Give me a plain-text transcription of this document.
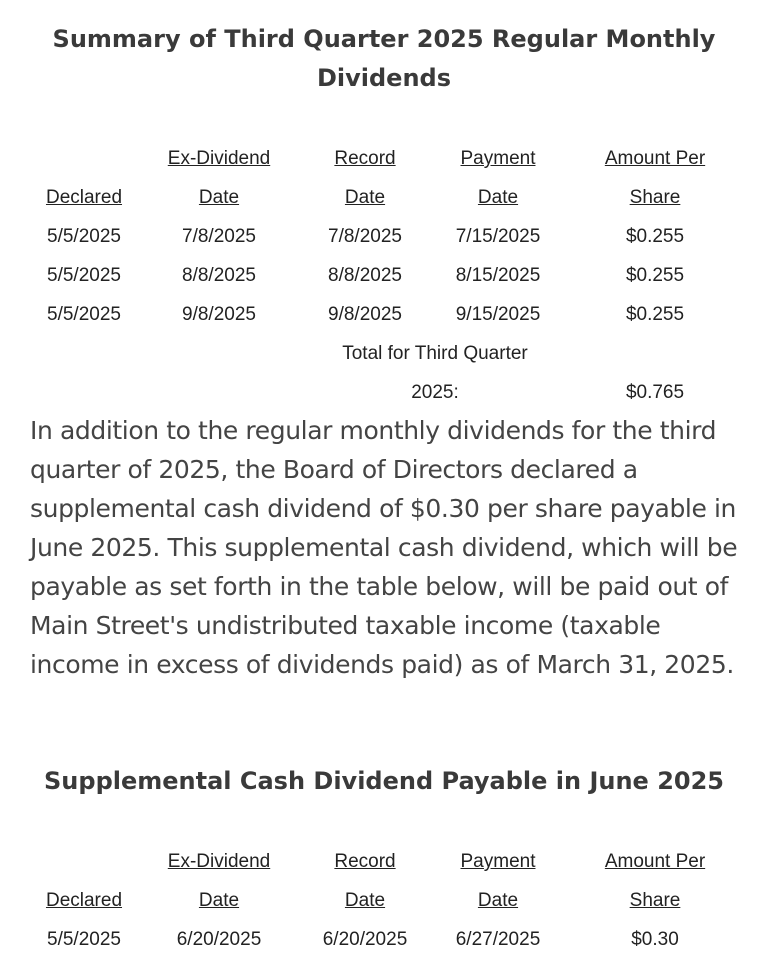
Summary of Third Quarter 2025 Regular Monthly Dividends
Ex-Dividend	Record	Payment	Amount Per
Declared	Date	Date	Date	Share
5/5/2025	7/8/2025	7/8/2025	7/15/2025	$0.255
5/5/2025	8/8/2025	8/8/2025	8/15/2025	$0.255
5/5/2025	9/8/2025	9/8/2025	9/15/2025	$0.255
Total for Third Quarter
2025:	$0.765

In addition to the regular monthly dividends for the third quarter of 2025, the Board of Directors declared a supplemental cash dividend of $0.30 per share payable in June 2025. This supplemental cash dividend, which will be payable as set forth in the table below, will be paid out of Main Street's undistributed taxable income (taxable income in excess of dividends paid) as of March 31, 2025.

Supplemental Cash Dividend Payable in June 2025
Ex-Dividend	Record	Payment	Amount Per
Declared	Date	Date	Date	Share
5/5/2025	6/20/2025	6/20/2025	6/27/2025	$0.30
